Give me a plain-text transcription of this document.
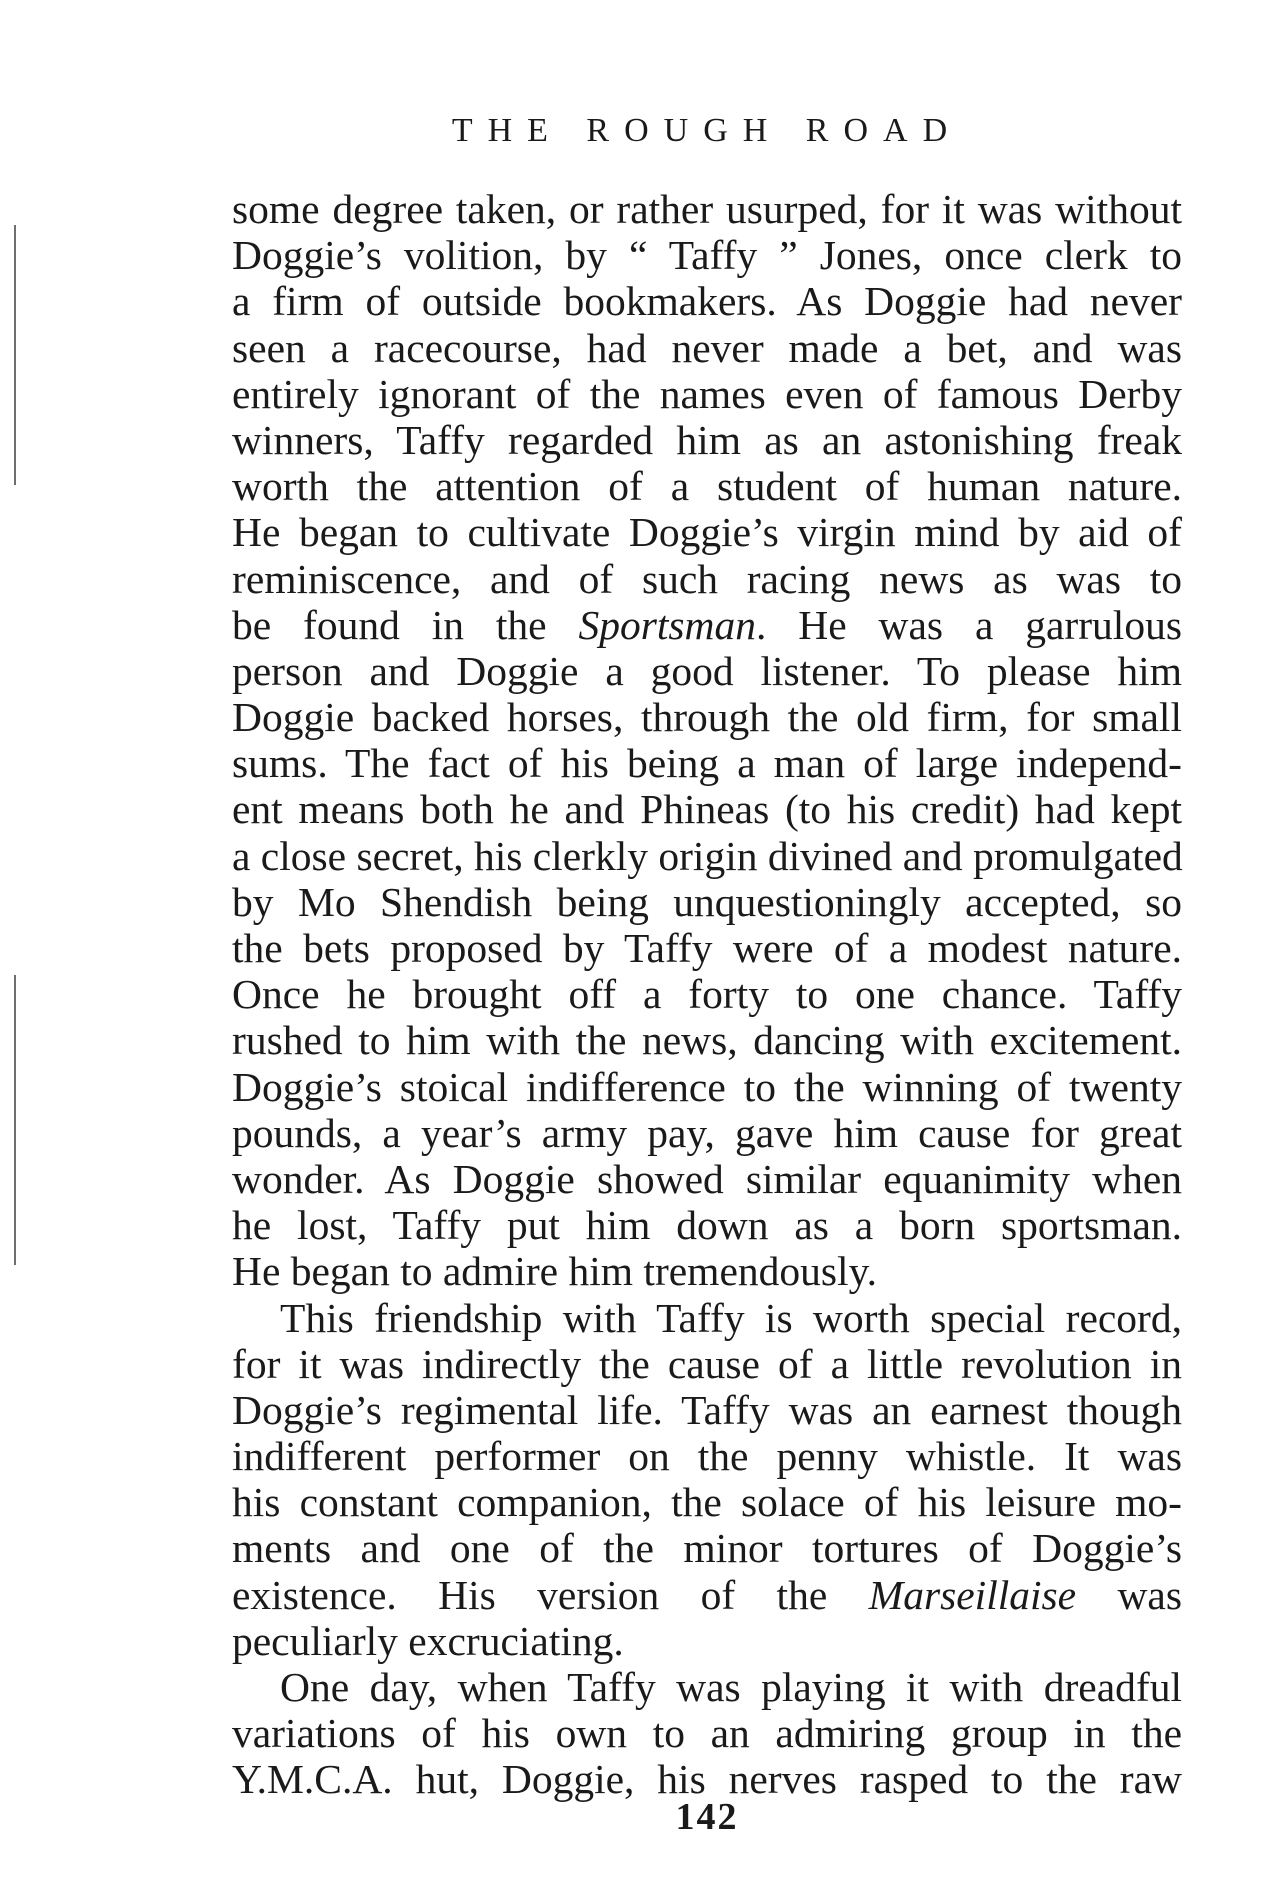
THE ROUGH ROAD
some degree taken, or rather usurped, for it was without
Doggie’s volition, by “ Taffy ” Jones, once clerk to
a firm of outside bookmakers. As Doggie had never
seen a racecourse, had never made a bet, and was
entirely ignorant of the names even of famous Derby
winners, Taffy regarded him as an astonishing freak
worth the attention of a student of human nature.
He began to cultivate Doggie’s virgin mind by aid of
reminiscence, and of such racing news as was to
be found in the Sportsman. He was a garrulous
person and Doggie a good listener. To please him
Doggie backed horses, through the old firm, for small
sums. The fact of his being a man of large independ-
ent means both he and Phineas (to his credit) had kept
a close secret, his clerkly origin divined and promulgated
by Mo Shendish being unquestioningly accepted, so
the bets proposed by Taffy were of a modest nature.
Once he brought off a forty to one chance. Taffy
rushed to him with the news, dancing with excitement.
Doggie’s stoical indifference to the winning of twenty
pounds, a year’s army pay, gave him cause for great
wonder. As Doggie showed similar equanimity when
he lost, Taffy put him down as a born sportsman.
He began to admire him tremendously.
This friendship with Taffy is worth special record,
for it was indirectly the cause of a little revolution in
Doggie’s regimental life. Taffy was an earnest though
indifferent performer on the penny whistle. It was
his constant companion, the solace of his leisure mo-
ments and one of the minor tortures of Doggie’s
existence. His version of the Marseillaise was
peculiarly excruciating.
One day, when Taffy was playing it with dreadful
variations of his own to an admiring group in the
Y.M.C.A. hut, Doggie, his nerves rasped to the raw
142
